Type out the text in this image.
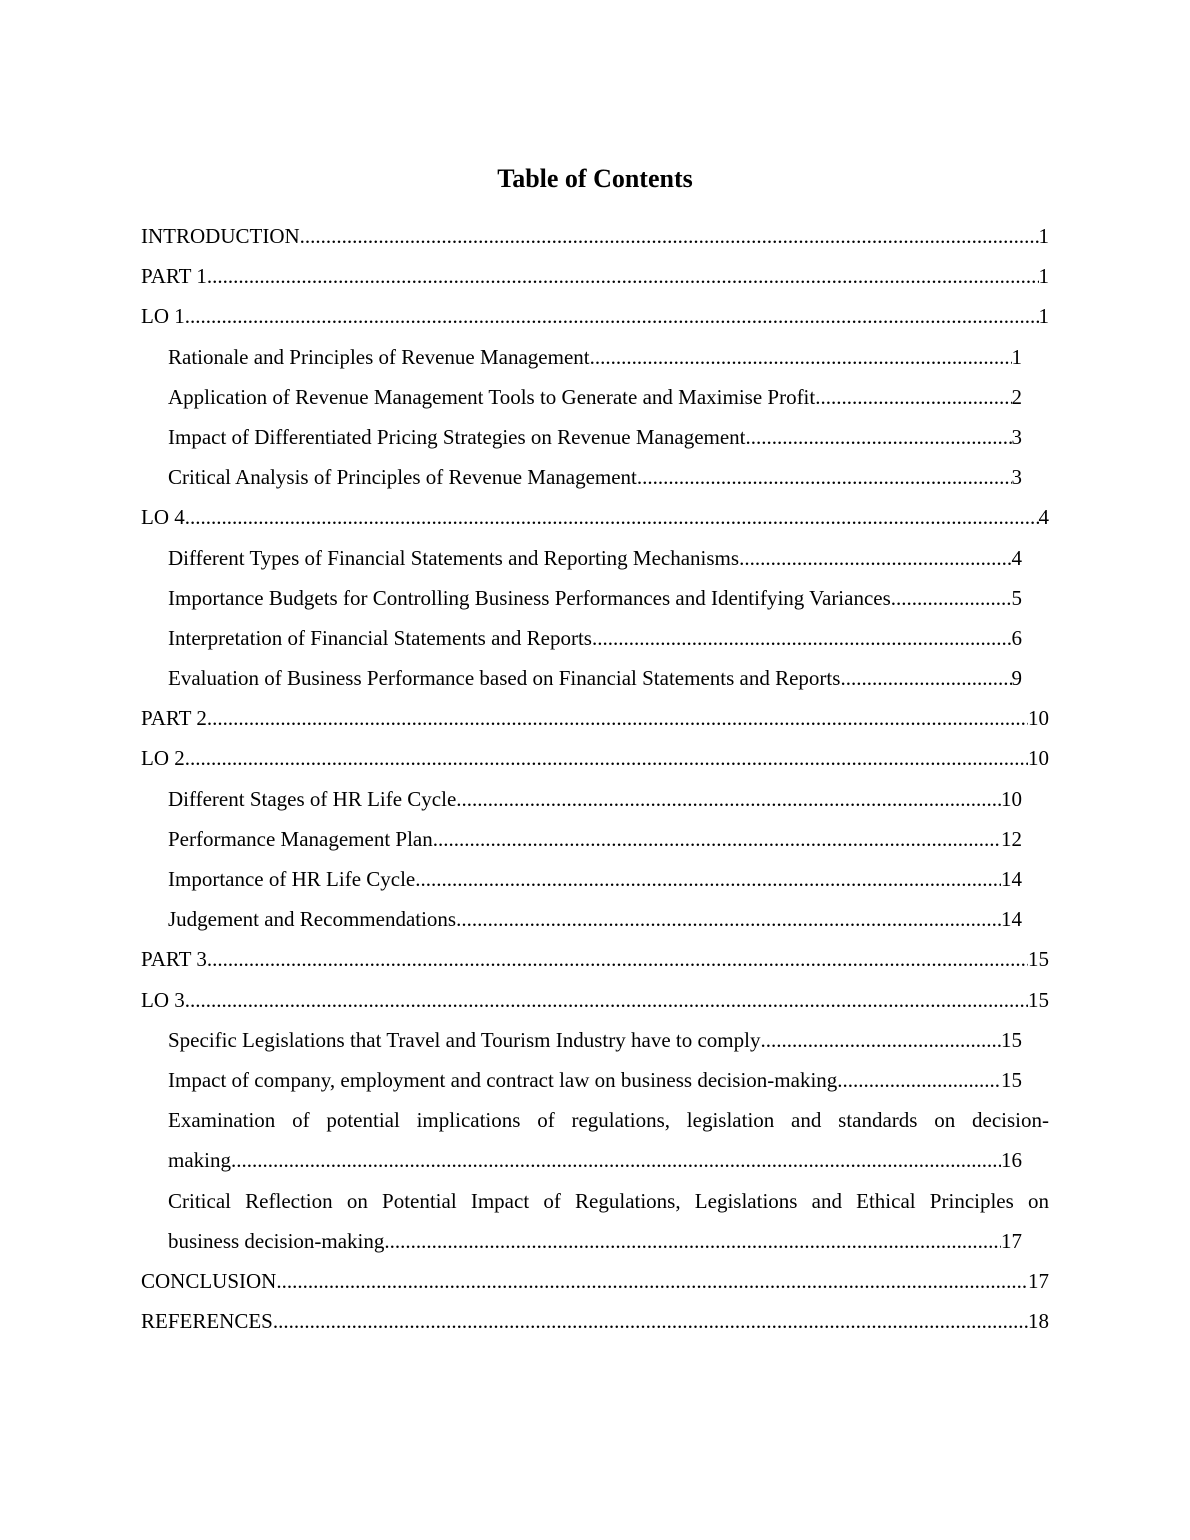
Table of Contents
INTRODUCTION .....	1
PART 1 .....	1
LO 1 .....	1
Rationale and Principles of Revenue Management .....	1
Application of Revenue Management Tools to Generate and Maximise Profit .....	2
Impact of Differentiated Pricing Strategies on Revenue Management .....	3
Critical Analysis of Principles of Revenue Management .....	3
LO 4 .....	4
Different Types of Financial Statements and Reporting Mechanisms .....	4
Importance Budgets for Controlling Business Performances and Identifying Variances .....	5
Interpretation of Financial Statements and Reports .....	6
Evaluation of Business Performance based on Financial Statements and Reports .....	9
PART 2 .....	10
LO 2 .....	10
Different Stages of HR Life Cycle .....	10
Performance Management Plan .....	12
Importance of HR Life Cycle .....	14
Judgement and Recommendations .....	14
PART 3 .....	15
LO 3 .....	15
Specific Legislations that Travel and Tourism Industry have to comply .....	15
Impact of company, employment and contract law on business decision-making. .....	15
Examination of potential implications of regulations, legislation and standards on decision-
making .....	16
Critical Reflection on Potential Impact of Regulations, Legislations and Ethical Principles on
business decision-making .....	17
CONCLUSION .....	17
REFERENCES .....	18
